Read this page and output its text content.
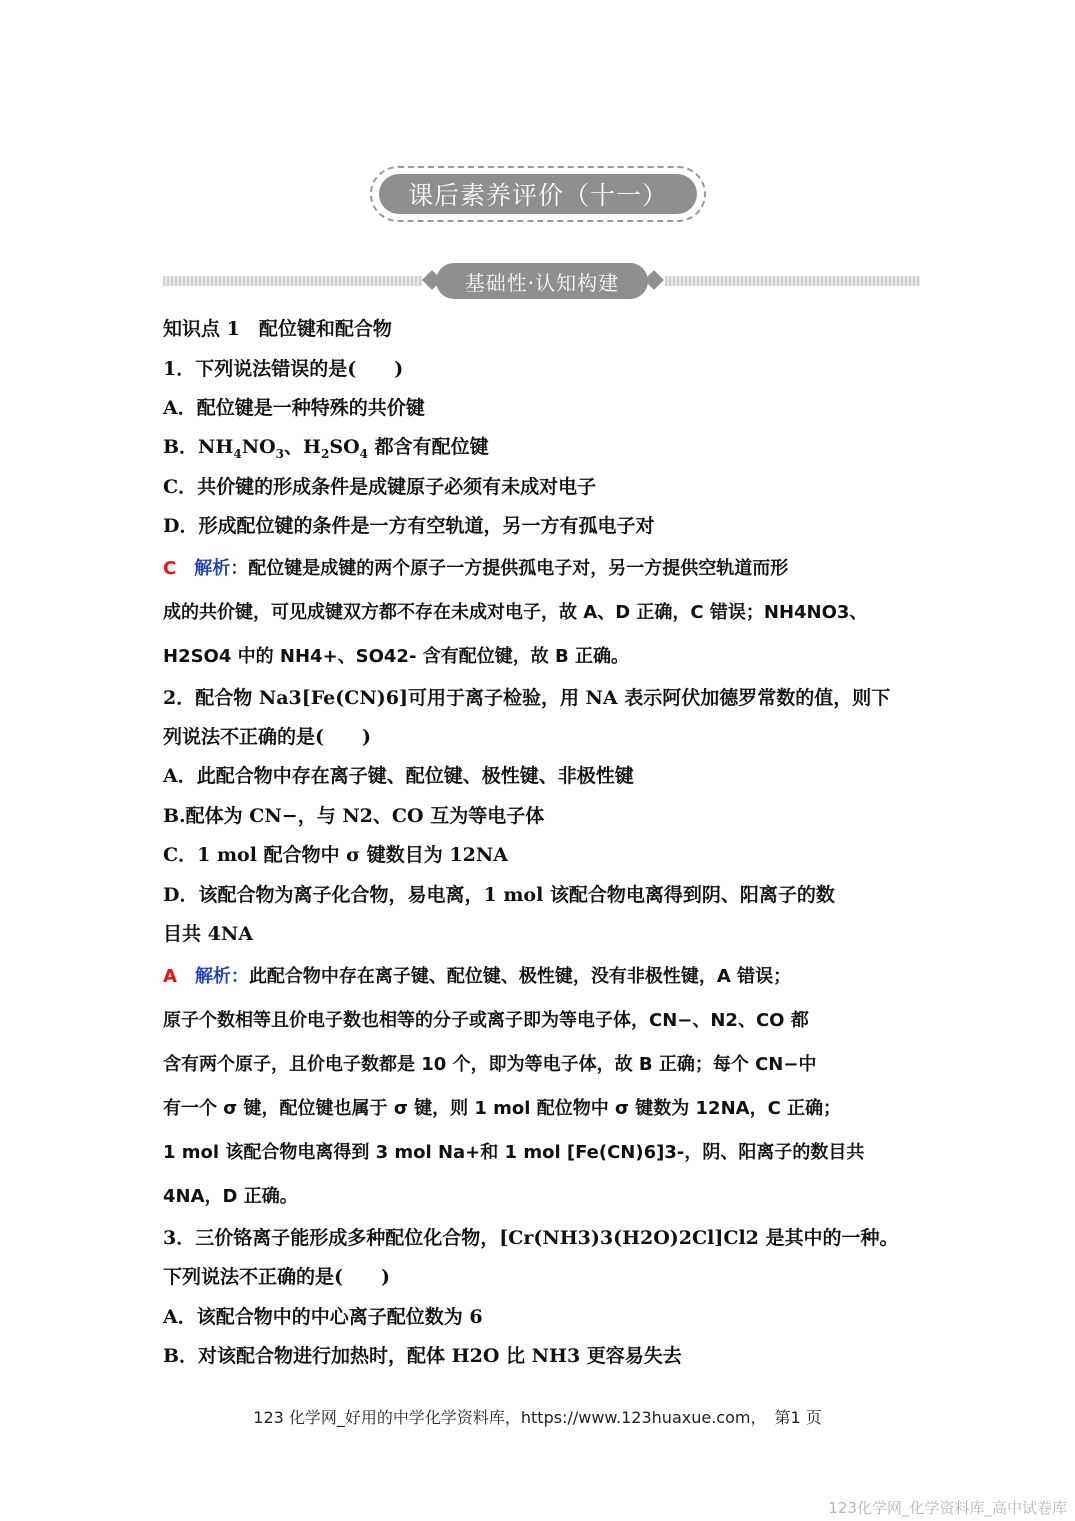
课后素养评价（十一）
基础性·认知构建
知识点 1　配位键和配合物
1．下列说法错误的是(　　)
A．配位键是一种特殊的共价键
B．$NH_4NO_3$、$H_2SO_4$ 都含有配位键
C．共价键的形成条件是成键原子必须有未成对电子
D．形成配位键的条件是一方有空轨道，另一方有孤电子对
C　 解析：配位键是成键的两个原子一方提供孤电子对，另一方提供空轨道而形
成的共价键，可见成键双方都不存在未成对电子，故 A、D 正确，C 错误；NH4NO3、
H2SO4 中的 NH4+、SO42- 含有配位键，故 B 正确。
2．配合物 Na3[Fe(CN)6]可用于离子检验，用 NA 表示阿伏加德罗常数的值，则下
列说法不正确的是(　　)
A．此配合物中存在离子键、配位键、极性键、非极性键
B.配体为 CN−，与 N2、CO 互为等电子体
C．1 mol 配合物中 σ 键数目为 12NA
D．该配合物为离子化合物，易电离，1 mol 该配合物电离得到阴、阳离子的数
目共 4NA
A　 解析：此配合物中存在离子键、配位键、极性键，没有非极性键，A 错误；
原子个数相等且价电子数也相等的分子或离子即为等电子体，CN−、N2、CO 都
含有两个原子，且价电子数都是 10 个，即为等电子体，故 B 正确；每个 CN−中
有一个 σ 键，配位键也属于 σ 键，则 1 mol 配位物中 σ 键数为 12NA，C 正确；
1 mol 该配合物电离得到 3 mol Na+和 1 mol [Fe(CN)6]3-，阴、阳离子的数目共
4NA，D 正确。
3．三价铬离子能形成多种配位化合物，[Cr(NH3)3(H2O)2Cl]Cl2 是其中的一种。
下列说法不正确的是(　　)
A．该配合物中的中心离子配位数为 6
B．对该配合物进行加热时，配体 H2O 比 NH3 更容易失去
123 化学网_好用的中学化学资料库，https://www.123huaxue.com，　第1 页
123化学网_化学资料库_高中试卷库
